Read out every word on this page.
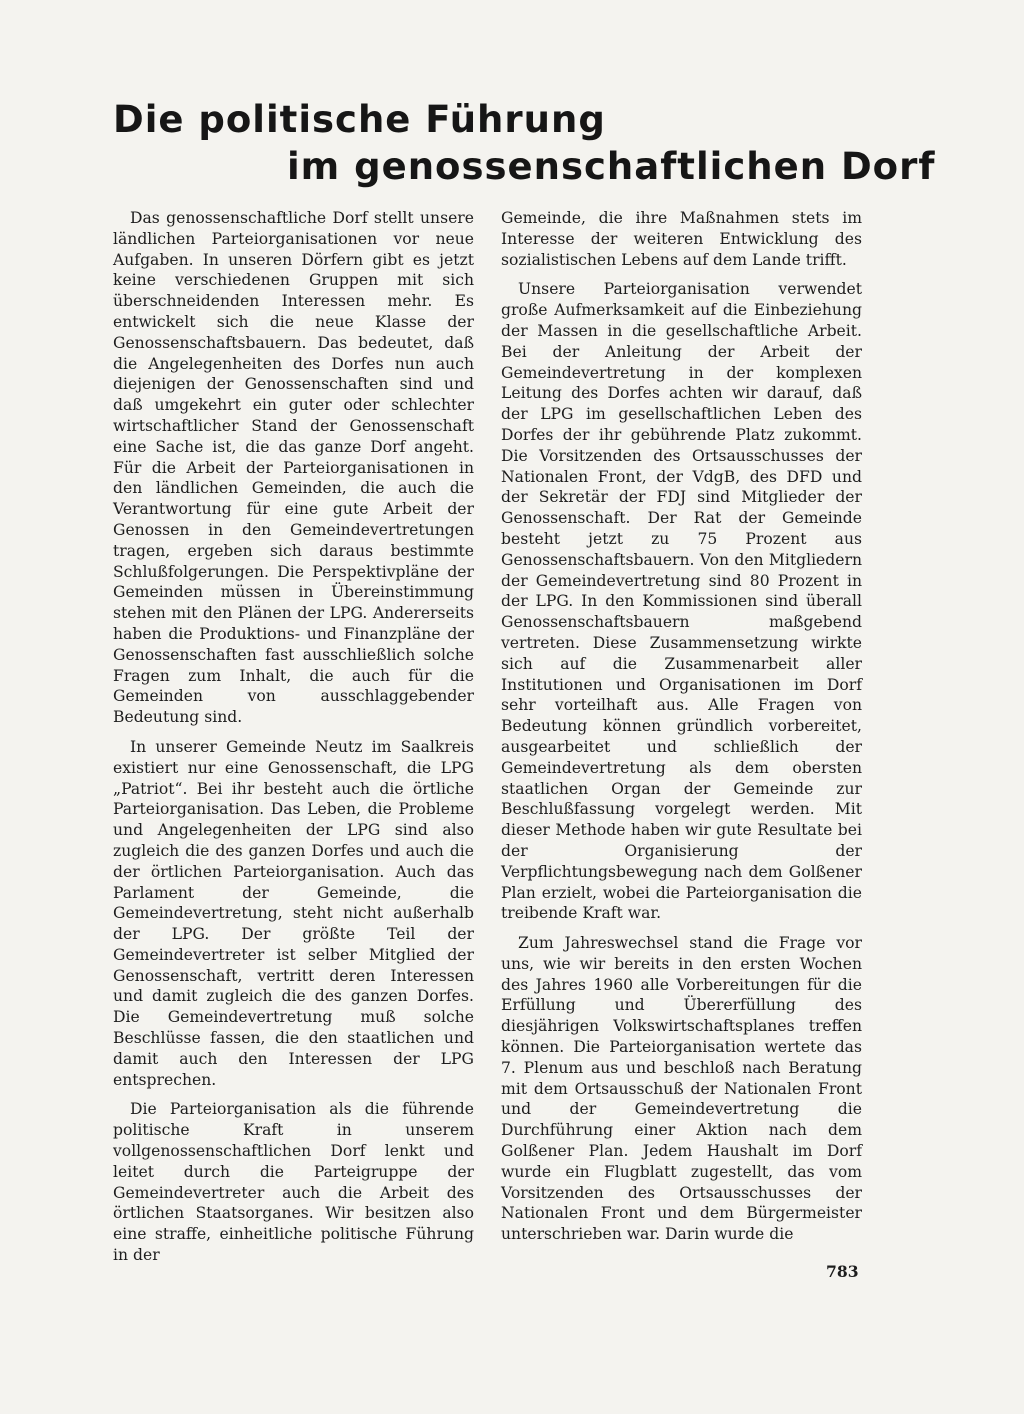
Die politische Führung
im genossenschaftlichen Dorf

Das genossenschaftliche Dorf stellt unsere ländlichen Parteiorganisationen vor neue Aufgaben. In unseren Dörfern gibt es jetzt keine verschiedenen Gruppen mit sich überschneidenden Interessen mehr. Es entwickelt sich die neue Klasse der Genossenschaftsbauern. Das bedeutet, daß die Angelegenheiten des Dorfes nun auch diejenigen der Genossenschaften sind und daß umgekehrt ein guter oder schlechter wirtschaftlicher Stand der Genossenschaft eine Sache ist, die das ganze Dorf angeht. Für die Arbeit der Parteiorganisationen in den ländlichen Gemeinden, die auch die Verantwortung für eine gute Arbeit der Genossen in den Gemeindevertretungen tragen, ergeben sich daraus bestimmte Schlußfolgerungen. Die Perspektivpläne der Gemeinden müssen in Übereinstimmung stehen mit den Plänen der LPG. Andererseits haben die Produktions- und Finanzpläne der Genossenschaften fast ausschließlich solche Fragen zum Inhalt, die auch für die Gemeinden von ausschlaggebender Bedeutung sind.

In unserer Gemeinde Neutz im Saalkreis existiert nur eine Genossenschaft, die LPG „Patriot“. Bei ihr besteht auch die örtliche Parteiorganisation. Das Leben, die Probleme und Angelegenheiten der LPG sind also zugleich die des ganzen Dorfes und auch die der örtlichen Parteiorganisation. Auch das Parlament der Gemeinde, die Gemeindevertretung, steht nicht außerhalb der LPG. Der größte Teil der Gemeindevertreter ist selber Mitglied der Genossenschaft, vertritt deren Interessen und damit zugleich die des ganzen Dorfes. Die Gemeindevertretung muß solche Beschlüsse fassen, die den staatlichen und damit auch den Interessen der LPG entsprechen.

Die Parteiorganisation als die führende politische Kraft in unserem vollgenossenschaftlichen Dorf lenkt und leitet durch die Parteigruppe der Gemeindevertreter auch die Arbeit des örtlichen Staatsorganes. Wir besitzen also eine straffe, einheitliche politische Führung in der

Gemeinde, die ihre Maßnahmen stets im Interesse der weiteren Entwicklung des sozialistischen Lebens auf dem Lande trifft.

Unsere Parteiorganisation verwendet große Aufmerksamkeit auf die Einbeziehung der Massen in die gesellschaftliche Arbeit. Bei der Anleitung der Arbeit der Gemeindevertretung in der komplexen Leitung des Dorfes achten wir darauf, daß der LPG im gesellschaftlichen Leben des Dorfes der ihr gebührende Platz zukommt. Die Vorsitzenden des Ortsausschusses der Nationalen Front, der VdgB, des DFD und der Sekretär der FDJ sind Mitglieder der Genossenschaft. Der Rat der Gemeinde besteht jetzt zu 75 Prozent aus Genossenschaftsbauern. Von den Mitgliedern der Gemeindevertretung sind 80 Prozent in der LPG. In den Kommissionen sind überall Genossenschaftsbauern maßgebend vertreten. Diese Zusammensetzung wirkte sich auf die Zusammenarbeit aller Institutionen und Organisationen im Dorf sehr vorteilhaft aus. Alle Fragen von Bedeutung können gründlich vorbereitet, ausgearbeitet und schließlich der Gemeindevertretung als dem obersten staatlichen Organ der Gemeinde zur Beschlußfassung vorgelegt werden. Mit dieser Methode haben wir gute Resultate bei der Organisierung der Verpflichtungsbewegung nach dem Golßener Plan erzielt, wobei die Parteiorganisation die treibende Kraft war.

Zum Jahreswechsel stand die Frage vor uns, wie wir bereits in den ersten Wochen des Jahres 1960 alle Vorbereitungen für die Erfüllung und Übererfüllung des diesjährigen Volkswirtschaftsplanes treffen können. Die Parteiorganisation wertete das 7. Plenum aus und beschloß nach Beratung mit dem Ortsausschuß der Nationalen Front und der Gemeindevertretung die Durchführung einer Aktion nach dem Golßener Plan. Jedem Haushalt im Dorf wurde ein Flugblatt zugestellt, das vom Vorsitzenden des Ortsausschusses der Nationalen Front und dem Bürgermeister unterschrieben war. Darin wurde die

783
